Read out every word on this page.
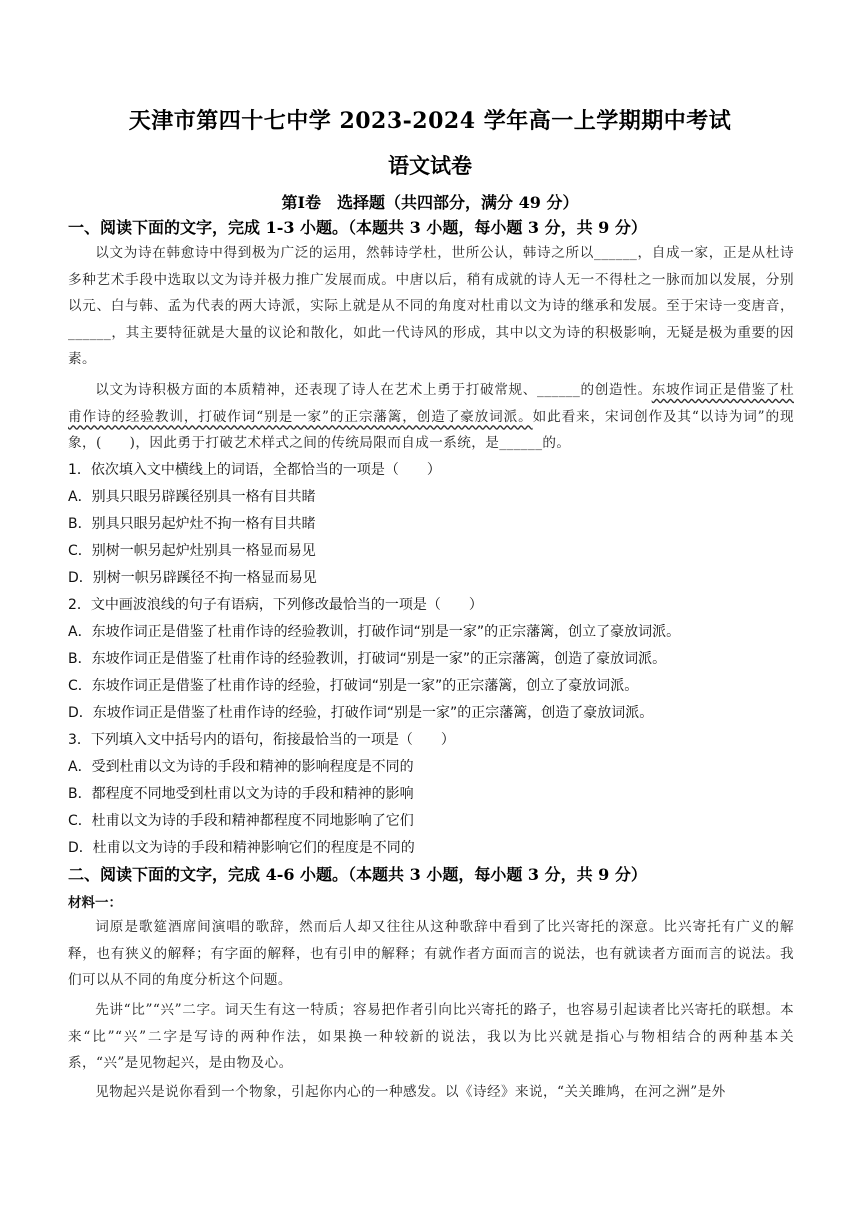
天津市第四十七中学 2023-2024 学年高一上学期期中考试
语文试卷
第Ⅰ卷　选择题（共四部分，满分 49 分）
一、阅读下面的文字，完成 1-3 小题。（本题共 3 小题，每小题 3 分，共 9 分）
以文为诗在韩愈诗中得到极为广泛的运用，然韩诗学杜，世所公认，韩诗之所以______，自成一家，正是从杜诗多种艺术手段中选取以文为诗并极力推广发展而成。中唐以后，稍有成就的诗人无一不得杜之一脉而加以发展，分别以元、白与韩、孟为代表的两大诗派，实际上就是从不同的角度对杜甫以文为诗的继承和发展。至于宋诗一变唐音，______，其主要特征就是大量的议论和散化，如此一代诗风的形成，其中以文为诗的积极影响，无疑是极为重要的因素。
以文为诗积极方面的本质精神，还表现了诗人在艺术上勇于打破常规、______的创造性。东坡作词正是借鉴了杜甫作诗的经验教训，打破作词“别是一家”的正宗藩篱，创造了豪放词派。如此看来，宋词创作及其“以诗为词”的现象，(　　)，因此勇于打破艺术样式之间的传统局限而自成一系统，是______的。
1．依次填入文中横线上的词语，全都恰当的一项是（　　）
A．别具只眼另辟蹊径别具一格有目共睹
B．别具只眼另起炉灶不拘一格有目共睹
C．别树一帜另起炉灶别具一格显而易见
D．别树一帜另辟蹊径不拘一格显而易见
2．文中画波浪线的句子有语病，下列修改最恰当的一项是（　　）
A．东坡作词正是借鉴了杜甫作诗的经验教训，打破作词“别是一家”的正宗藩篱，创立了豪放词派。
B．东坡作词正是借鉴了杜甫作诗的经验教训，打破词“别是一家”的正宗藩篱，创造了豪放词派。
C．东坡作词正是借鉴了杜甫作诗的经验，打破词“别是一家”的正宗藩篱，创立了豪放词派。
D．东坡作词正是借鉴了杜甫作诗的经验，打破作词“别是一家”的正宗藩篱，创造了豪放词派。
3．下列填入文中括号内的语句，衔接最恰当的一项是（　　）
A．受到杜甫以文为诗的手段和精神的影响程度是不同的
B．都程度不同地受到杜甫以文为诗的手段和精神的影响
C．杜甫以文为诗的手段和精神都程度不同地影响了它们
D．杜甫以文为诗的手段和精神影响它们的程度是不同的
二、阅读下面的文字，完成 4-6 小题。（本题共 3 小题，每小题 3 分，共 9 分）
材料一：
词原是歌筵酒席间演唱的歌辞，然而后人却又往往从这种歌辞中看到了比兴寄托的深意。比兴寄托有广义的解释，也有狭义的解释；有字面的解释，也有引申的解释；有就作者方面而言的说法，也有就读者方面而言的说法。我们可以从不同的角度分析这个问题。
先讲“比”“兴”二字。词天生有这一特质；容易把作者引向比兴寄托的路子，也容易引起读者比兴寄托的联想。本来“比”“兴”二字是写诗的两种作法，如果换一种较新的说法，我以为比兴就是指心与物相结合的两种基本关系，“兴”是见物起兴，是由物及心。
见物起兴是说你看到一个物象，引起你内心的一种感发。以《诗经》来说，“关关雎鸠，在河之洲”是外
